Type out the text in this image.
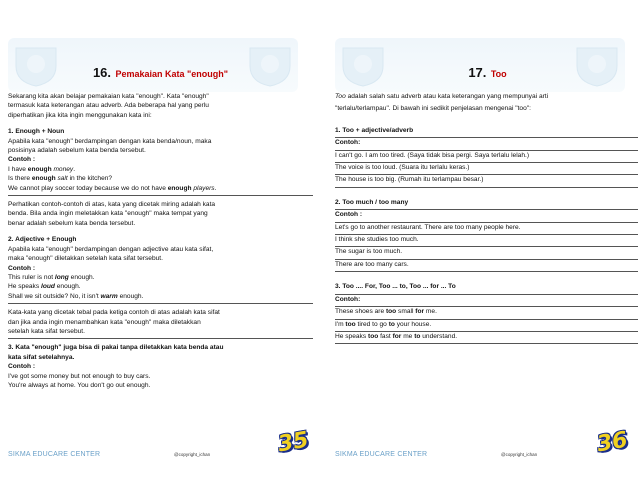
16. Pemakaian Kata "enough"

Sekarang kita akan belajar pemakaian kata "enough". Kata "enough"

termasuk kata keterangan atau adverb. Ada beberapa hal yang perlu

diperhatikan jika kita ingin menggunakan kata ini:

1. Enough + Noun

Apabila kata "enough" berdampingan dengan kata benda/noun, maka

posisinya adalah sebelum kata benda tersebut.

Contoh :

I have enough money.

Is there enough salt in the kitchen?

We cannot play soccer today because we do not have enough players.

Perhatikan contoh-contoh di atas, kata yang dicetak miring adalah kata

benda. Bila anda ingin meletakkan kata "enough" maka tempat yang

benar adalah sebelum kata benda tersebut.

2. Adjective + Enough

Apabila kata "enough" berdampingan dengan adjective atau kata sifat,

maka "enough" diletakkan setelah kata sifat tersebut.

Contoh :

This ruler is not long enough.

He speaks loud enough.

Shall we sit outside? No, it isn't warm enough.

Kata-kata yang dicetak tebal pada ketiga contoh di atas adalah kata sifat

dan jika anda ingin menambahkan kata "enough" maka diletakkan

setelah kata sifat tersebut.

3. Kata "enough" juga bisa di pakai tanpa diletakkan kata benda atau

kata sifat setelahnya.

Contoh :

I've got some money but not enough to buy cars.

You're always at home. You don't go out enough.

SIKMA EDUCARE CENTER	@copyright_ichan	35
17. Too

Too adalah salah satu adverb atau kata keterangan yang mempunyai arti

"terlalu/terlampau". Di bawah ini sedikit penjelasan mengenai "too":

1. Too + adjective/adverb

Contoh:

I can't go. I am too tired. (Saya tidak bisa pergi. Saya terlalu lelah.)

The voice is too loud. (Suara itu terlalu keras.)

The house is too big. (Rumah itu terlampau besar.)

2. Too much / too many

Contoh :

Let's go to another restaurant. There are too many people here.

I think she studies too much.

The sugar is too much.

There are too many cars.

3. Too .... For, Too ... to, Too ... for ... To

Contoh:

These shoes are too small for me.

I'm too tired to go to your house.

He speaks too fast for me to understand.

SIKMA EDUCARE CENTER	@copyright_ichan	36
